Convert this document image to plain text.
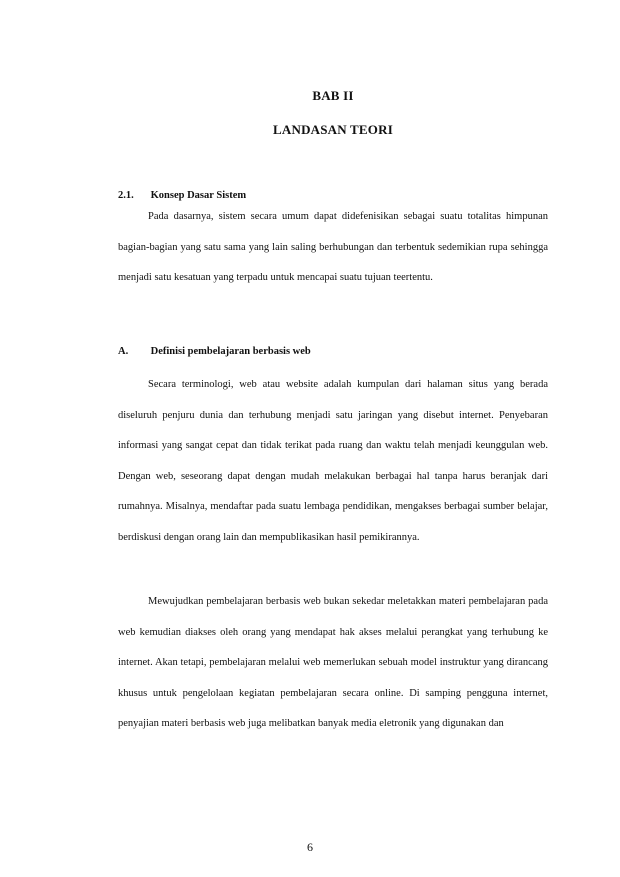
BAB II
LANDASAN TEORI
2.1. Konsep Dasar Sistem

Pada dasarnya, sistem secara umum dapat didefenisikan sebagai suatu totalitas himpunan bagian-bagian yang satu sama yang lain saling berhubungan dan terbentuk sedemikian rupa sehingga menjadi satu kesatuan yang terpadu untuk mencapai suatu tujuan teertentu.

A. Definisi pembelajaran berbasis web

Secara terminologi, web atau website adalah kumpulan dari halaman situs yang berada diseluruh penjuru dunia dan terhubung menjadi satu jaringan yang disebut internet. Penyebaran informasi yang sangat cepat dan tidak terikat pada ruang dan waktu telah menjadi keunggulan web. Dengan web, seseorang dapat dengan mudah melakukan berbagai hal tanpa harus beranjak dari rumahnya. Misalnya, mendaftar pada suatu lembaga pendidikan, mengakses berbagai sumber belajar, berdiskusi dengan orang lain dan mempublikasikan hasil pemikirannya.

Mewujudkan pembelajaran berbasis web bukan sekedar meletakkan materi pembelajaran pada web kemudian diakses oleh orang yang mendapat hak akses melalui perangkat yang terhubung ke internet. Akan tetapi, pembelajaran melalui web memerlukan sebuah model instruktur yang dirancang khusus untuk pengelolaan kegiatan pembelajaran secara online. Di samping pengguna internet, penyajian materi berbasis web juga melibatkan banyak media eletronik yang digunakan dan

6
